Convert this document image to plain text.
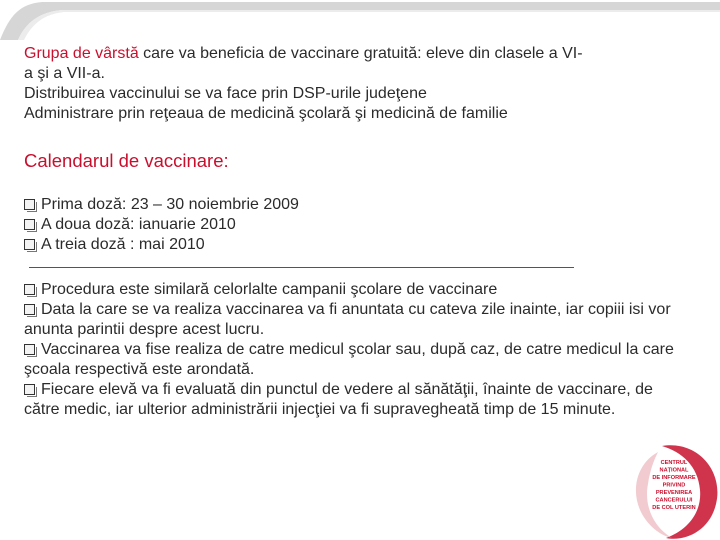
Grupa de vârstă care va beneficia de vaccinare gratuită: eleve din clasele a VI-

a şi a VII-a.

Distribuirea vaccinului se va face prin DSP-urile judeţene

Administrare prin reţeaua de medicină şcolară şi medicină de familie

Calendarul de vaccinare:
Prima doză: 23 – 30 noiembrie 2009
A doua doză: ianuarie 2010
A treia doză : mai 2010
Procedura este similară celorlalte campanii şcolare de vaccinare
Data la care se va realiza vaccinarea va fi anuntata cu cateva zile inainte, iar copiii isi vor anunta parintii despre acest lucru.
Vaccinarea va fise realiza de catre medicul şcolar sau, după caz, de catre medicul la care şcoala respectivă este arondată.
Fiecare elevă va fi evaluată din punctul de vedere al sănătăţii, înainte de vaccinare, de către medic, iar ulterior administrării injecţiei va fi supravegheată timp de 15 minute.
CENTRUL
NAȚIONAL
DE INFORMARE
PRIVIND
PREVENIREA
CANCERULUI
DE COL UTERIN
